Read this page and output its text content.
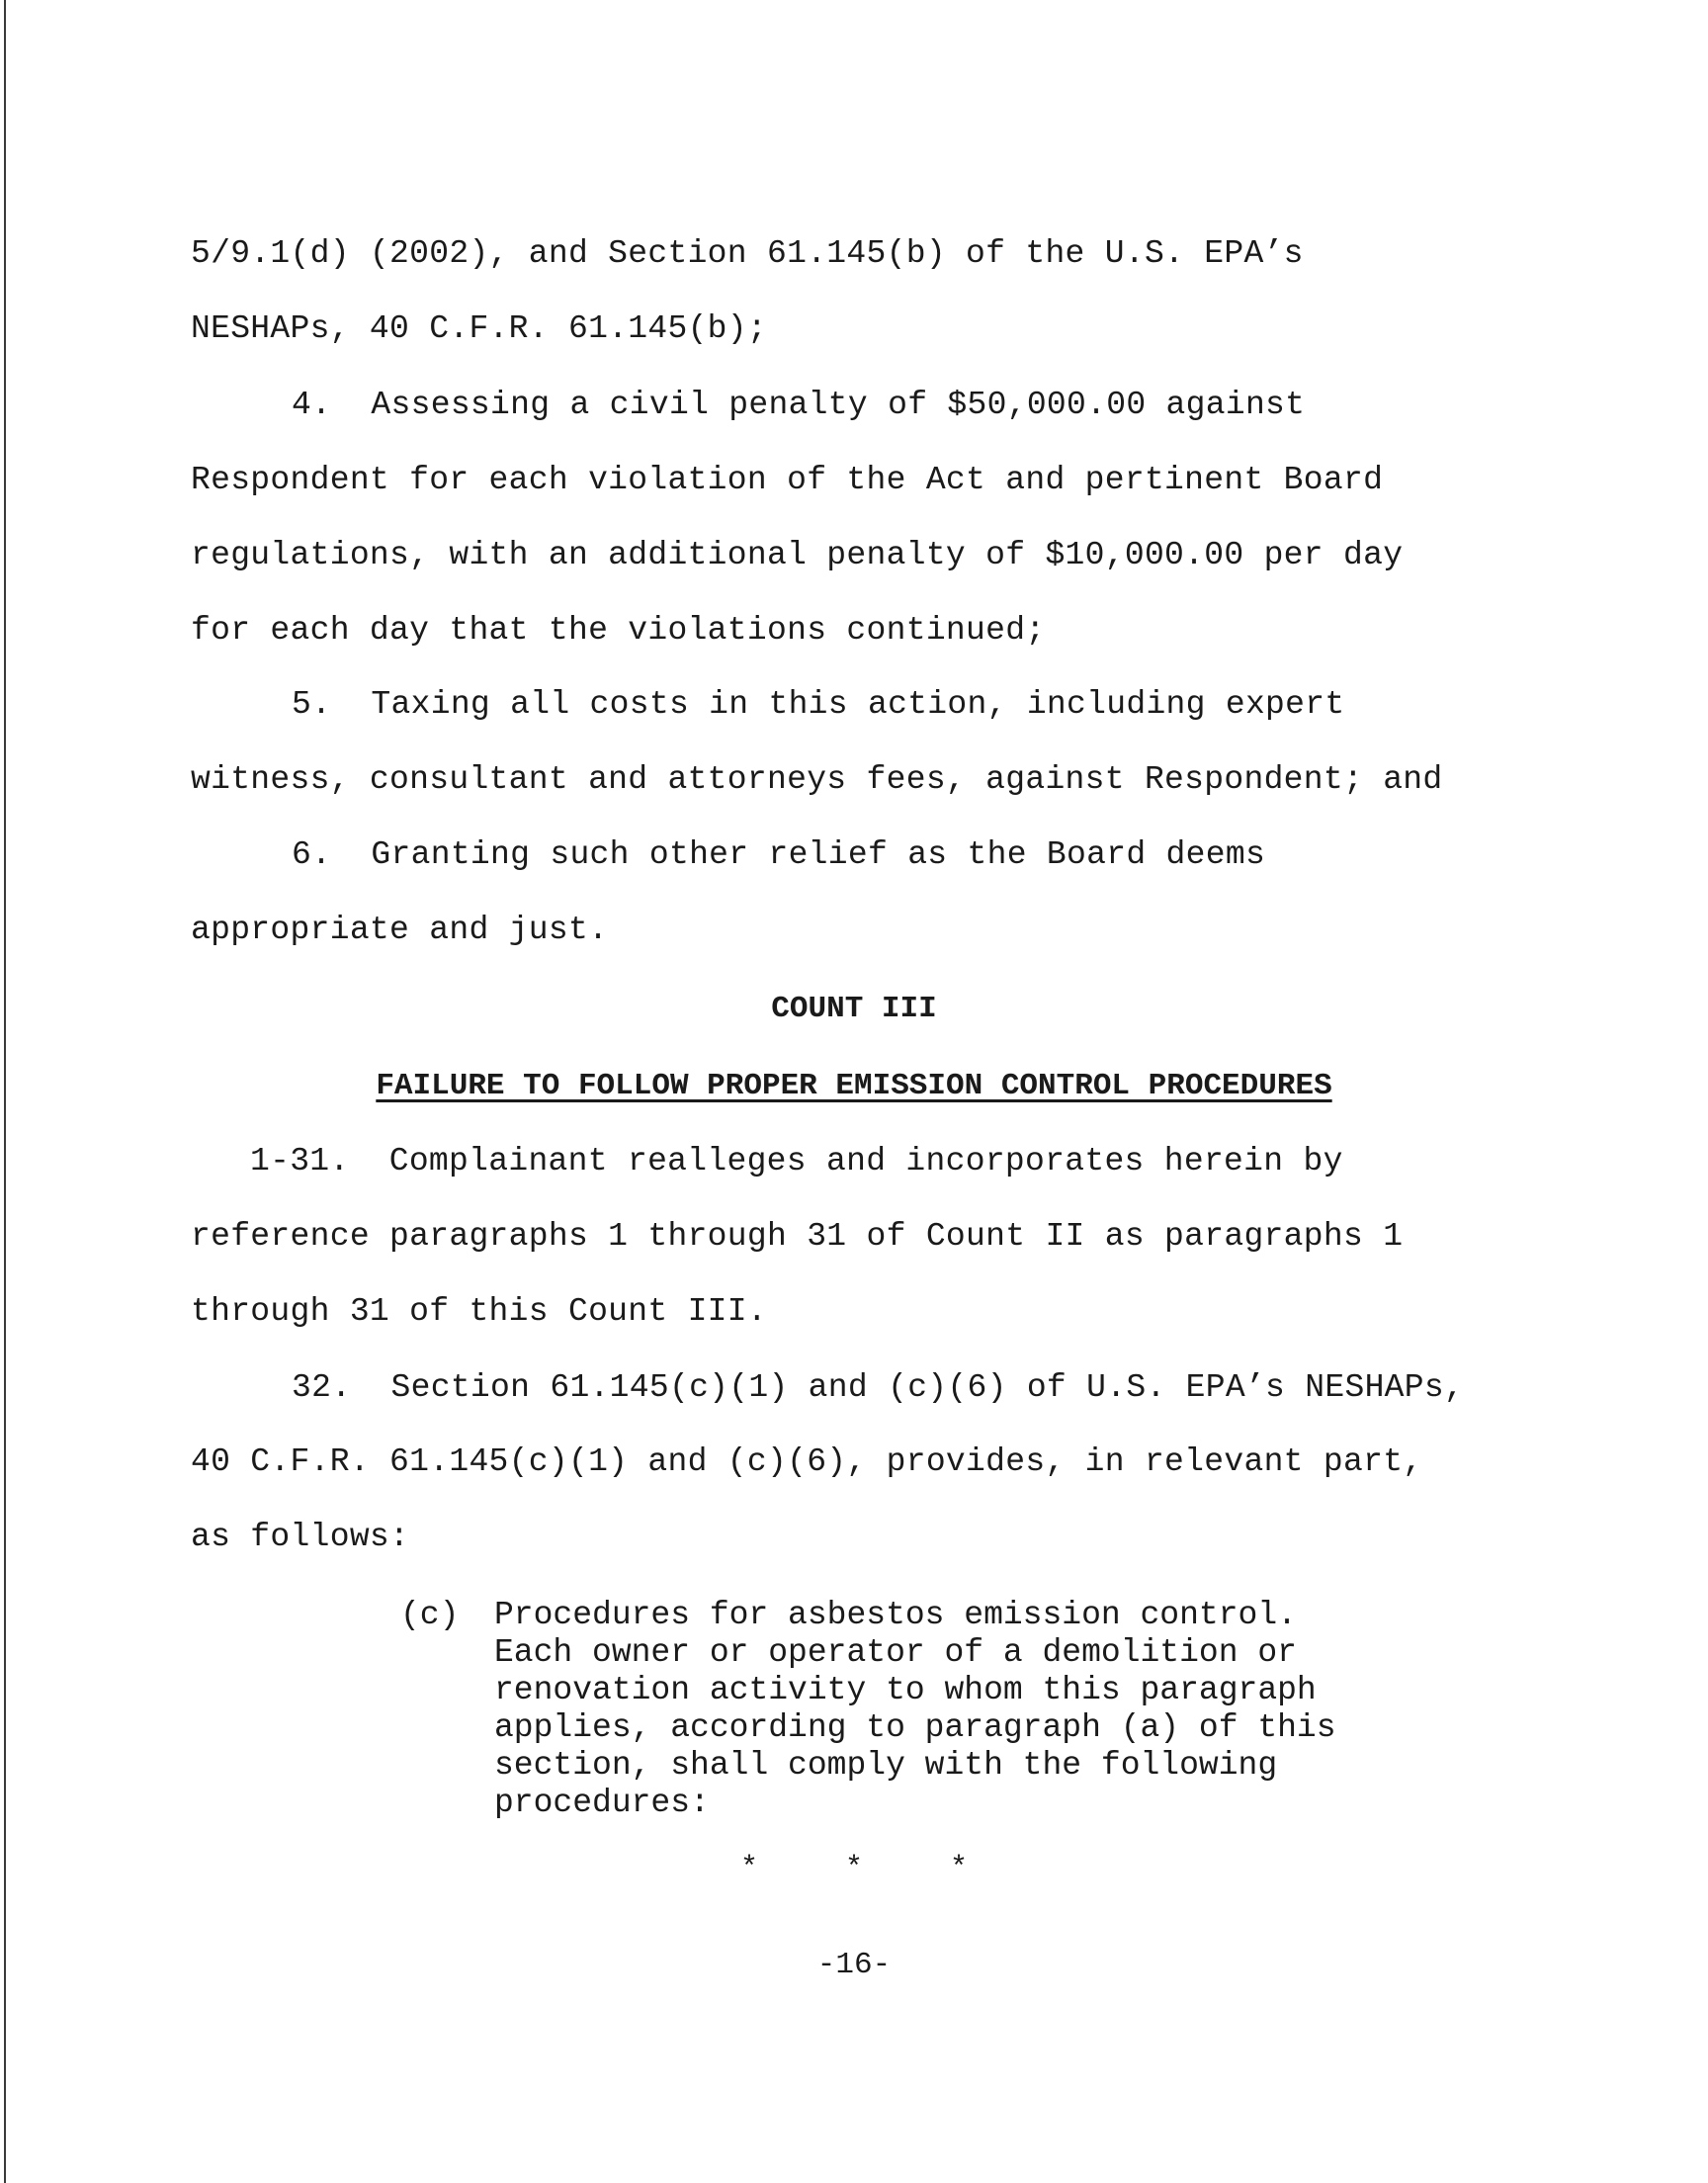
5/9.1(d) (2002), and Section 61.145(b) of the U.S. EPA’s
NESHAPs, 40 C.F.R. 61.145(b);
4.  Assessing a civil penalty of $50,000.00 against
Respondent for each violation of the Act and pertinent Board
regulations, with an additional penalty of $10,000.00 per day
for each day that the violations continued;
5.  Taxing all costs in this action, including expert
witness, consultant and attorneys fees, against Respondent; and
6.  Granting such other relief as the Board deems
appropriate and just.
COUNT III
FAILURE TO FOLLOW PROPER EMISSION CONTROL PROCEDURES
1-31.  Complainant realleges and incorporates herein by
reference paragraphs 1 through 31 of Count II as paragraphs 1
through 31 of this Count III.
32.  Section 61.145(c)(1) and (c)(6) of U.S. EPA’s NESHAPs,
40 C.F.R. 61.145(c)(1) and (c)(6), provides, in relevant part,
as follows:
(c) Procedures for asbestos emission control.
Each owner or operator of a demolition or
renovation activity to whom this paragraph
applies, according to paragraph (a) of this
section, shall comply with the following
procedures:
* * *
-16-
